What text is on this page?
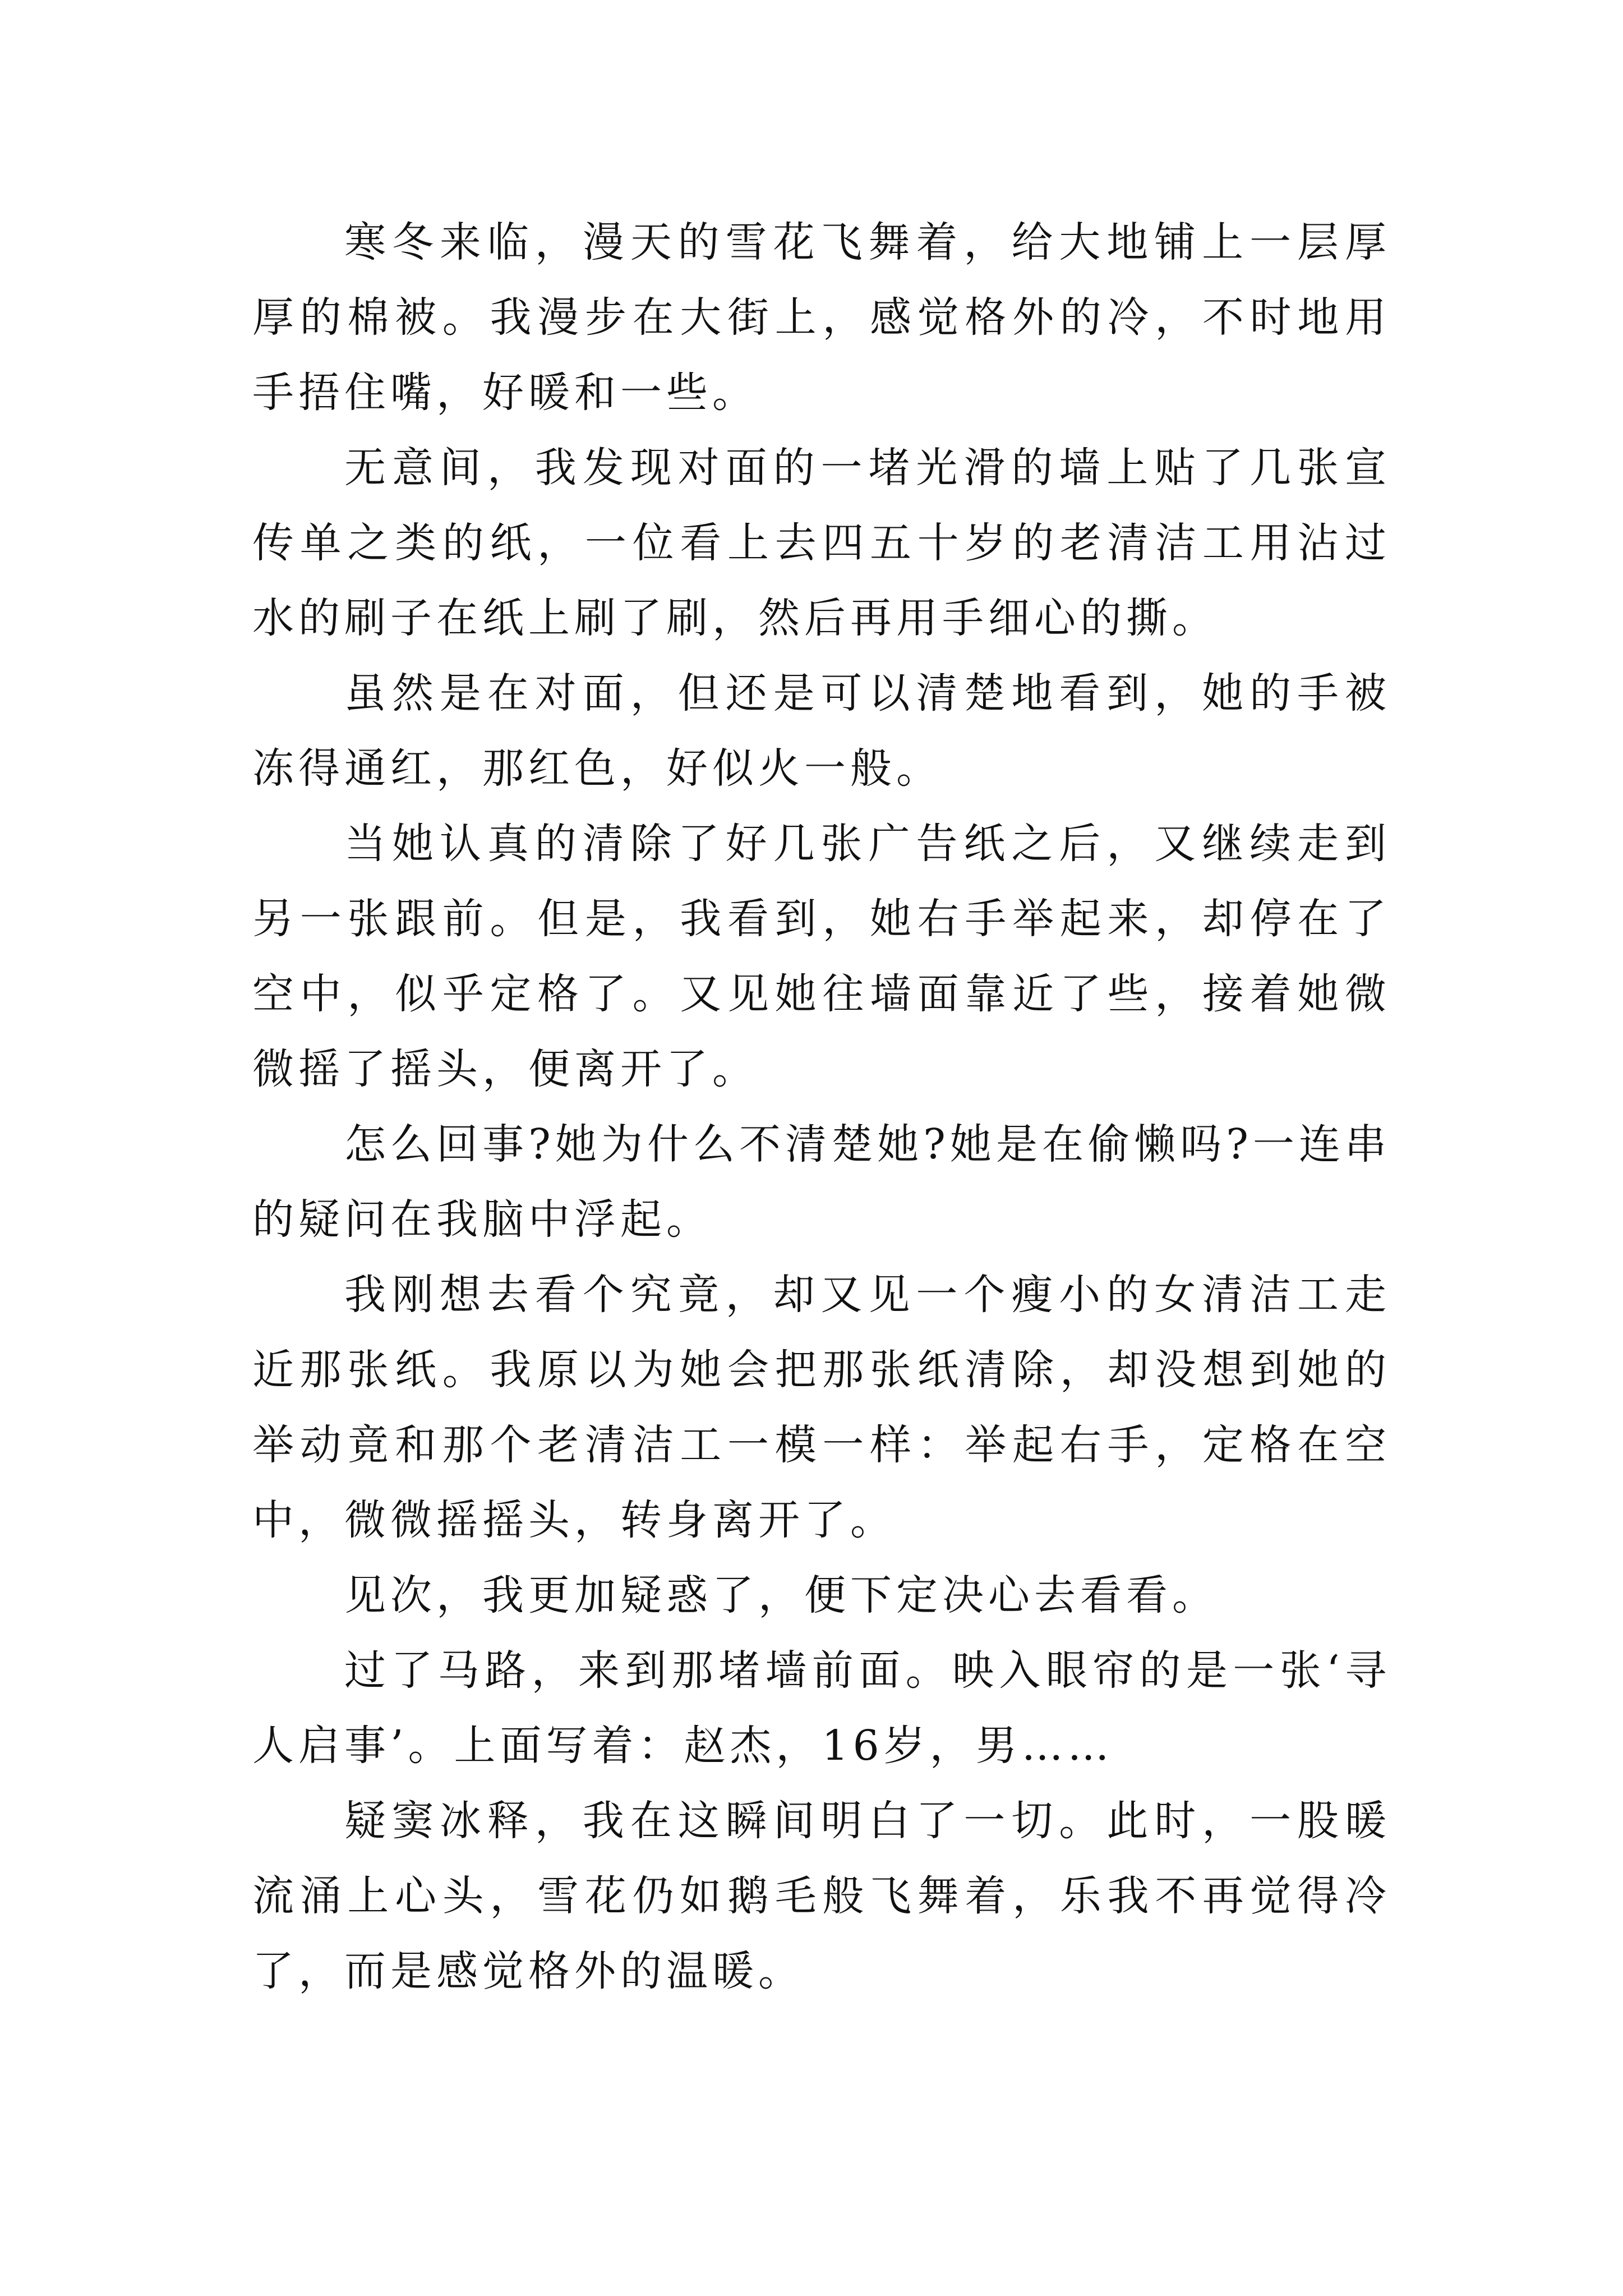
寒冬来临，漫天的雪花飞舞着，给大地铺上一层厚厚的棉被。我漫步在大街上，感觉格外的冷，不时地用手捂住嘴，好暖和一些。

无意间，我发现对面的一堵光滑的墙上贴了几张宣传单之类的纸，一位看上去四五十岁的老清洁工用沾过水的刷子在纸上刷了刷，然后再用手细心的撕。

虽然是在对面，但还是可以清楚地看到，她的手被冻得通红，那红色，好似火一般。

当她认真的清除了好几张广告纸之后，又继续走到另一张跟前。但是，我看到，她右手举起来，却停在了空中，似乎定格了。又见她往墙面靠近了些，接着她微微摇了摇头，便离开了。

怎么回事?她为什么不清楚她?她是在偷懒吗?一连串的疑问在我脑中浮起。

我刚想去看个究竟，却又见一个瘦小的女清洁工走近那张纸。我原以为她会把那张纸清除，却没想到她的举动竟和那个老清洁工一模一样：举起右手，定格在空中，微微摇摇头，转身离开了。

见次，我更加疑惑了，便下定决心去看看。

过了马路，来到那堵墙前面。映入眼帘的是一张‘寻人启事’。上面写着：赵杰，16岁，男……

疑窦冰释，我在这瞬间明白了一切。此时，一股暖流涌上心头，雪花仍如鹅毛般飞舞着，乐我不再觉得冷了，而是感觉格外的温暖。
